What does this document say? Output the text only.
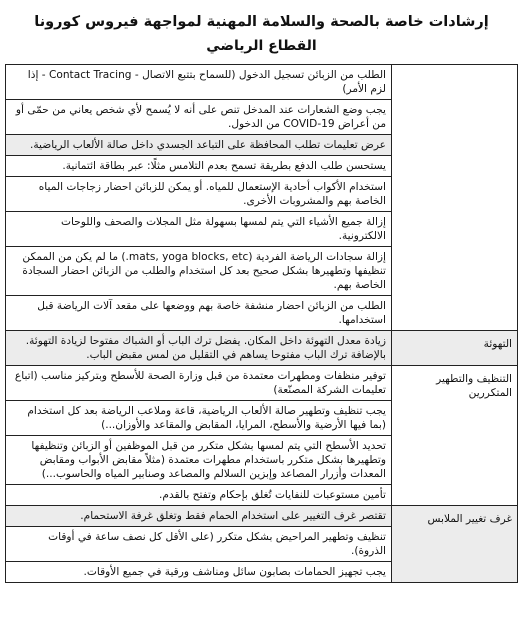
إرشادات خاصة بالصحة والسلامة المهنية لمواجهة فيروس كورونا
القطاع الرياضي
	الطلب من الزبائن تسجيل الدخول (للسماح بتتبع الاتصال - Contact Tracing - إذا لزم الأمر)
	يجب وضع الشعارات عند المدخل تنص على أنه لا يُسمح لأي شخص يعاني من حمّى أو من أعراض COVID-19 من الدخول.
	عرض تعليمات تطلب المحافظة على التباعد الجسدي داخل صالة الألعاب الرياضية.
	يستحسن طلب الدفع بطريقة تسمح بعدم التلامس مثلًا: عبر بطاقة ائتمانية.
	استخدام الأكواب أحادية الإستعمال للمياه. أو يمكن للزبائن احضار زجاجات المياه الخاصة بهم والمشروبات الأخرى.
	إزالة جميع الأشياء التي يتم لمسها بسهولة مثل المجلات والصحف واللوحات الالكترونية.
	إزالة سجادات الرياضة الفردية (mats, yoga blocks, etc.) ما لم يكن من الممكن تنظيفها وتطهيرها بشكل صحيح بعد كل استخدام والطلب من الزبائن احضار السجادة الخاصة بهم.
	الطلب من الزبائن احضار منشفة خاصة بهم ووضعها على مقعد آلات الرياضة قبل استخدامها.
التهوئة	زيادة معدل التهوئة داخل المكان. يفضل ترك الباب أو الشباك مفتوحا لزيادة التهوئة. بالإضافة ترك الباب مفتوحا يساهم في التقليل من لمس مقبض الباب.
التنظيف والتطهير المتكررين	توفير منظفات ومطهرات معتمدة من قبل وزارة الصحة للأسطح وبتركيز مناسب (اتباع تعليمات الشركة المصنّعة)
	يجب تنظيف وتطهير صالة الألعاب الرياضية، قاعة وملاعب الرياضة بعد كل استخدام (بما فيها الأرضية والأسطح، المرايا، المقابض والمقاعد والأوزان...)
	تحديد الأسطح التي يتم لمسها بشكل متكرر من قبل الموظفين أو الزبائن وتنظيفها وتطهيرها بشكل متكرر باستخدام مطهرات معتمدة (مثلاً مقابض الأبواب ومقابض المعدات وأزرار المصاعد وإبزين السلالم والمصاعد وصنابير المياه والحاسوب...)
	تأمين مستوعبات للنفايات تُغلق بإحكام وتفتح بالقدم.
غرف تغيير الملابس	تقتصر غرف التغيير على استخدام الحمام فقط وتغلق غرفة الاستحمام.
	تنظيف وتطهير المراحيض بشكل متكرر (على الأقل كل نصف ساعة في أوقات الذروة).
	يجب تجهيز الحمامات بصابون سائل ومناشف ورقية في جميع الأوقات.
